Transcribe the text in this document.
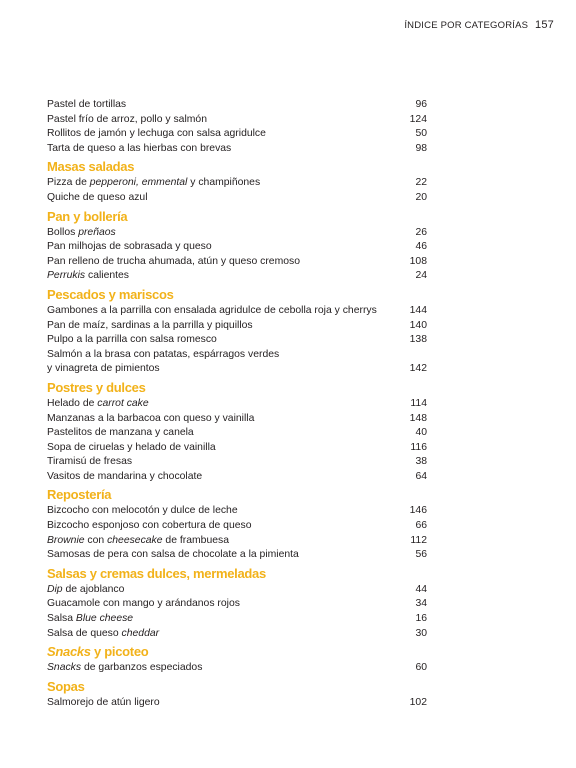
ÍNDICE POR CATEGORÍAS 157
Pastel de tortillas	96
Pastel frío de arroz, pollo y salmón	124
Rollitos de jamón y lechuga con salsa agridulce	50
Tarta de queso a las hierbas con brevas	98
Masas saladas
Pizza de pepperoni, emmental y champiñones	22
Quiche de queso azul	20
Pan y bollería
Bollos preñaos	26
Pan milhojas de sobrasada y queso	46
Pan relleno de trucha ahumada, atún y queso cremoso	108
Perrukis calientes	24
Pescados y mariscos
Gambones a la parrilla con ensalada agridulce de cebolla roja y cherrys	144
Pan de maíz, sardinas a la parrilla y piquillos	140
Pulpo a la parrilla con salsa romesco	138
Salmón a la brasa con patatas, espárragos verdes
y vinagreta de pimientos	142
Postres y dulces
Helado de carrot cake	114
Manzanas a la barbacoa con queso y vainilla	148
Pastelitos de manzana y canela	40
Sopa de ciruelas y helado de vainilla	116
Tiramisú de fresas	38
Vasitos de mandarina y chocolate	64
Repostería
Bizcocho con melocotón y dulce de leche	146
Bizcocho esponjoso con cobertura de queso	66
Brownie con cheesecake de frambuesa	112
Samosas de pera con salsa de chocolate a la pimienta	56
Salsas y cremas dulces, mermeladas
Dip de ajoblanco	44
Guacamole con mango y arándanos rojos	34
Salsa Blue cheese	16
Salsa de queso cheddar	30
Snacks y picoteo
Snacks de garbanzos especiados	60
Sopas
Salmorejo de atún ligero	102
